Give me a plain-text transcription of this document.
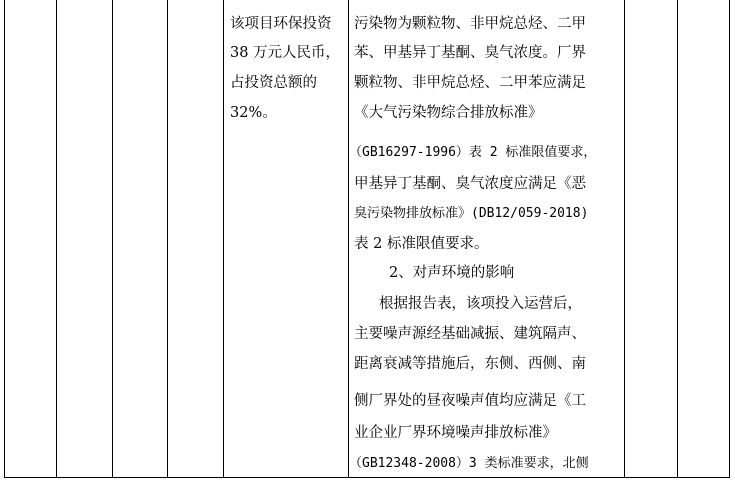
该项目环保投资
38 万元人民币，
占投资总额的
32%。
污染物为颗粒物、非甲烷总烃、二甲
苯、甲基异丁基酮、臭气浓度。厂界
颗粒物、非甲烷总烃、二甲苯应满足
《大气污染物综合排放标准》
（GB16297-1996）表 2 标准限值要求，
甲基异丁基酮、臭气浓度应满足《恶
臭污染物排放标准》(DB12/059-2018)
表 2 标准限值要求。
2、对声环境的影响
根据报告表，该项投入运营后，
主要噪声源经基础减振、建筑隔声、
距离衰减等措施后，东侧、西侧、南
侧厂界处的昼夜噪声值均应满足《工
业企业厂界环境噪声排放标准》
（GB12348-2008）3 类标准要求，北侧
